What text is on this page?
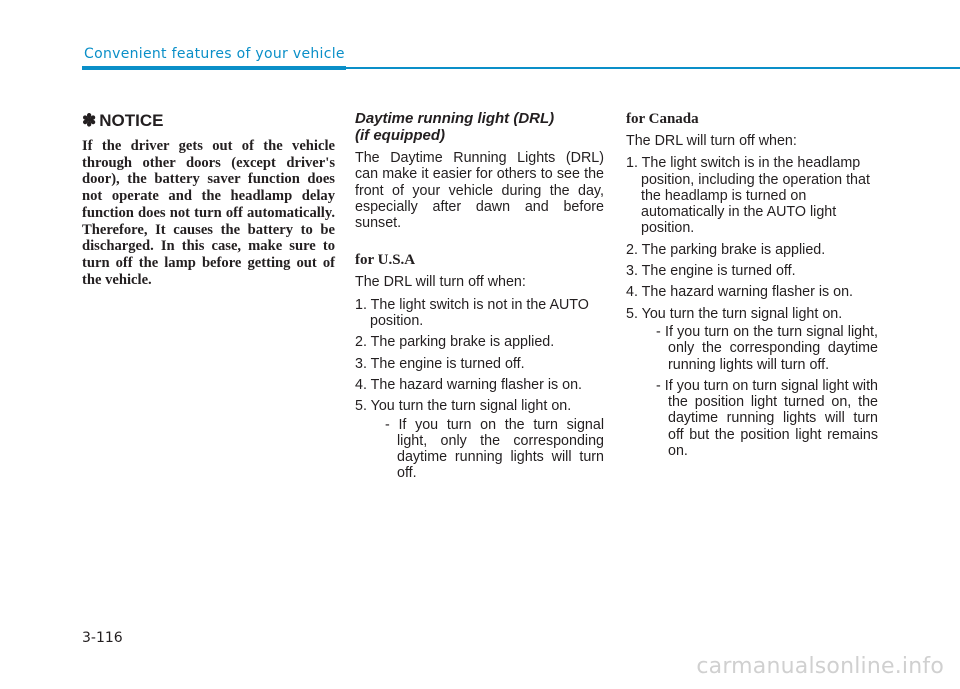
Convenient features of your vehicle
✽ NOTICE

If the driver gets out of the vehicle through other doors (except driver's door), the battery saver function does not operate and the headlamp delay function does not turn off automatically. Therefore, It causes the battery to be discharged. In this case, make sure to turn off the lamp before getting out of the vehicle.

Daytime running light (DRL)
(if equipped)

The Daytime Running Lights (DRL) can make it easier for others to see the front of your vehicle during the day, especially after dawn and before sunset.

for U.S.A

The DRL will turn off when:

1. The light switch is not in the AUTO position.
2. The parking brake is applied.
3. The engine is turned off.
4. The hazard warning flasher is on.
5. You turn the turn signal light on.
- If you turn on the turn signal light, only the corresponding daytime running lights will turn off.
for Canada

The DRL will turn off when:

1. The light switch is in the headlamp position, including the operation that the headlamp is turned on automatically in the AUTO light position.
2. The parking brake is applied.
3. The engine is turned off.
4. The hazard warning flasher is on.
5. You turn the turn signal light on.
- If you turn on the turn signal light, only the corresponding daytime running lights will turn off.
- If you turn on turn signal light with the position light turned on, the daytime running lights will turn off but the position light remains on.
3-116
carmanualsonline.info
